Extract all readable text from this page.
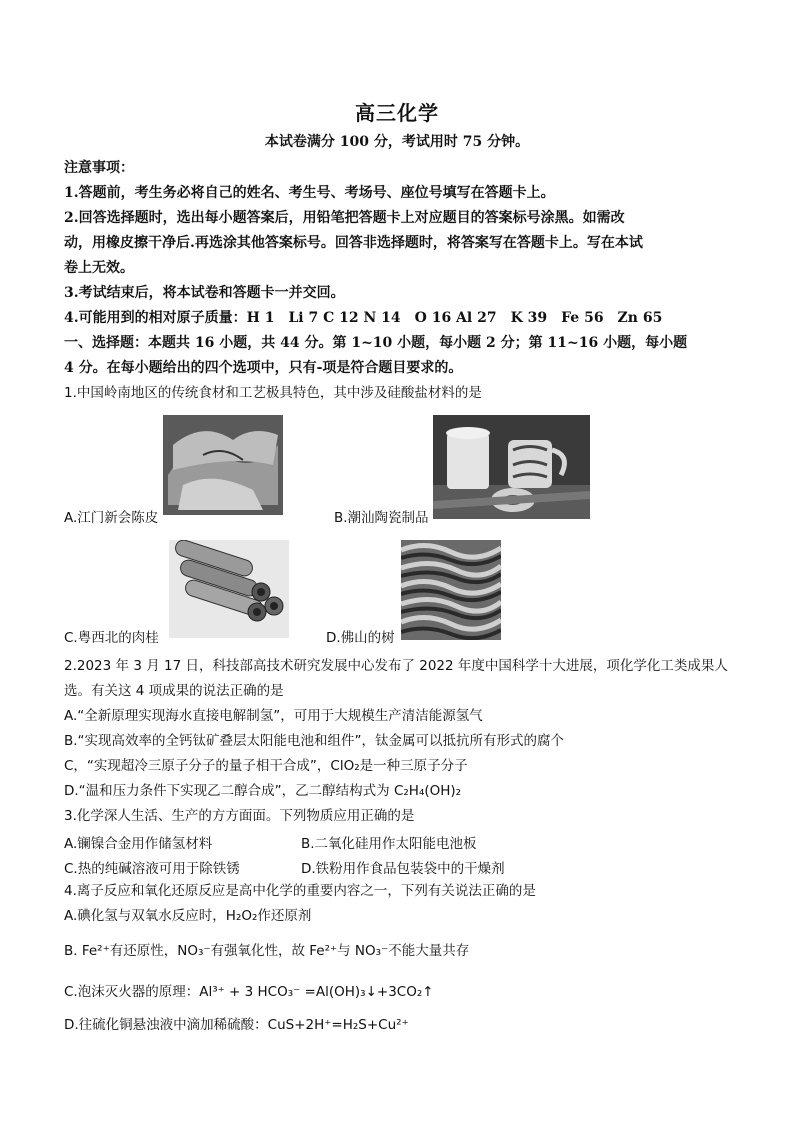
高三化学
本试卷满分 100 分，考试用时 75 分钟。
注意事项：
1.答题前，考生务必将自己的姓名、考生号、考场号、座位号填写在答题卡上。
2.回答选择题时，选出每小题答案后，用铅笔把答题卡上对应题目的答案标号涂黑。如需改
动，用橡皮擦干净后.再选涂其他答案标号。回答非选择题时，将答案写在答题卡上。写在本试
卷上无效。
3.考试结束后，将本试卷和答题卡一并交回。
4.可能用到的相对原子质量：H 1　Li 7 C 12 N 14　O 16 Al 27　K 39　Fe 56　Zn 65
一、选择题：本题共 16 小题，共 44 分。第 1~10 小题，每小题 2 分；第 11~16 小题，每小题
4 分。在每小题给出的四个选项中，只有-项是符合题目要求的。
1.中国岭南地区的传统食材和工艺极具特色，其中涉及硅酸盐材料的是
A.江门新会陈皮	B.潮汕陶瓷制品
C.粤西北的肉桂	D.佛山的树
2.2023 年 3 月 17 日，科技部高技术研究发展中心发布了 2022 年度中国科学十大进展，项化学化工类成果人
选。有关这 4 项成果的说法正确的是
A.“全新原理实现海水直接电解制氢”，可用于大规模生产清洁能源氢气
B.“实现高效率的全钙钛矿叠层太阳能电池和组件”，钛金属可以抵抗所有形式的腐个
C，“实现超冷三原子分子的量子相干合成”，ClO₂是一种三原子分子
D.“温和压力条件下实现乙二醇合成”，乙二醇结构式为 C₂H₄(OH)₂
3.化学深人生活、生产的方方面面。下列物质应用正确的是
A.镧镍合金用作储氢材料	B.二氧化硅用作太阳能电池板
C.热的纯碱溶液可用于除铁锈	D.铁粉用作食品包装袋中的干燥剂
4.离子反应和氧化还原反应是高中化学的重要内容之一，下列有关说法正确的是
A.碘化氢与双氧水反应时，H₂O₂作还原剂
B. Fe²⁺有还原性，NO₃⁻有强氧化性，故 Fe²⁺与 NO₃⁻不能大量共存
C.泡沫灭火器的原理：Al³⁺ + 3 HCO₃⁻ =Al(OH)₃↓+3CO₂↑
D.往硫化铜悬浊液中滴加稀硫酸：CuS+2H⁺=H₂S+Cu²⁺
